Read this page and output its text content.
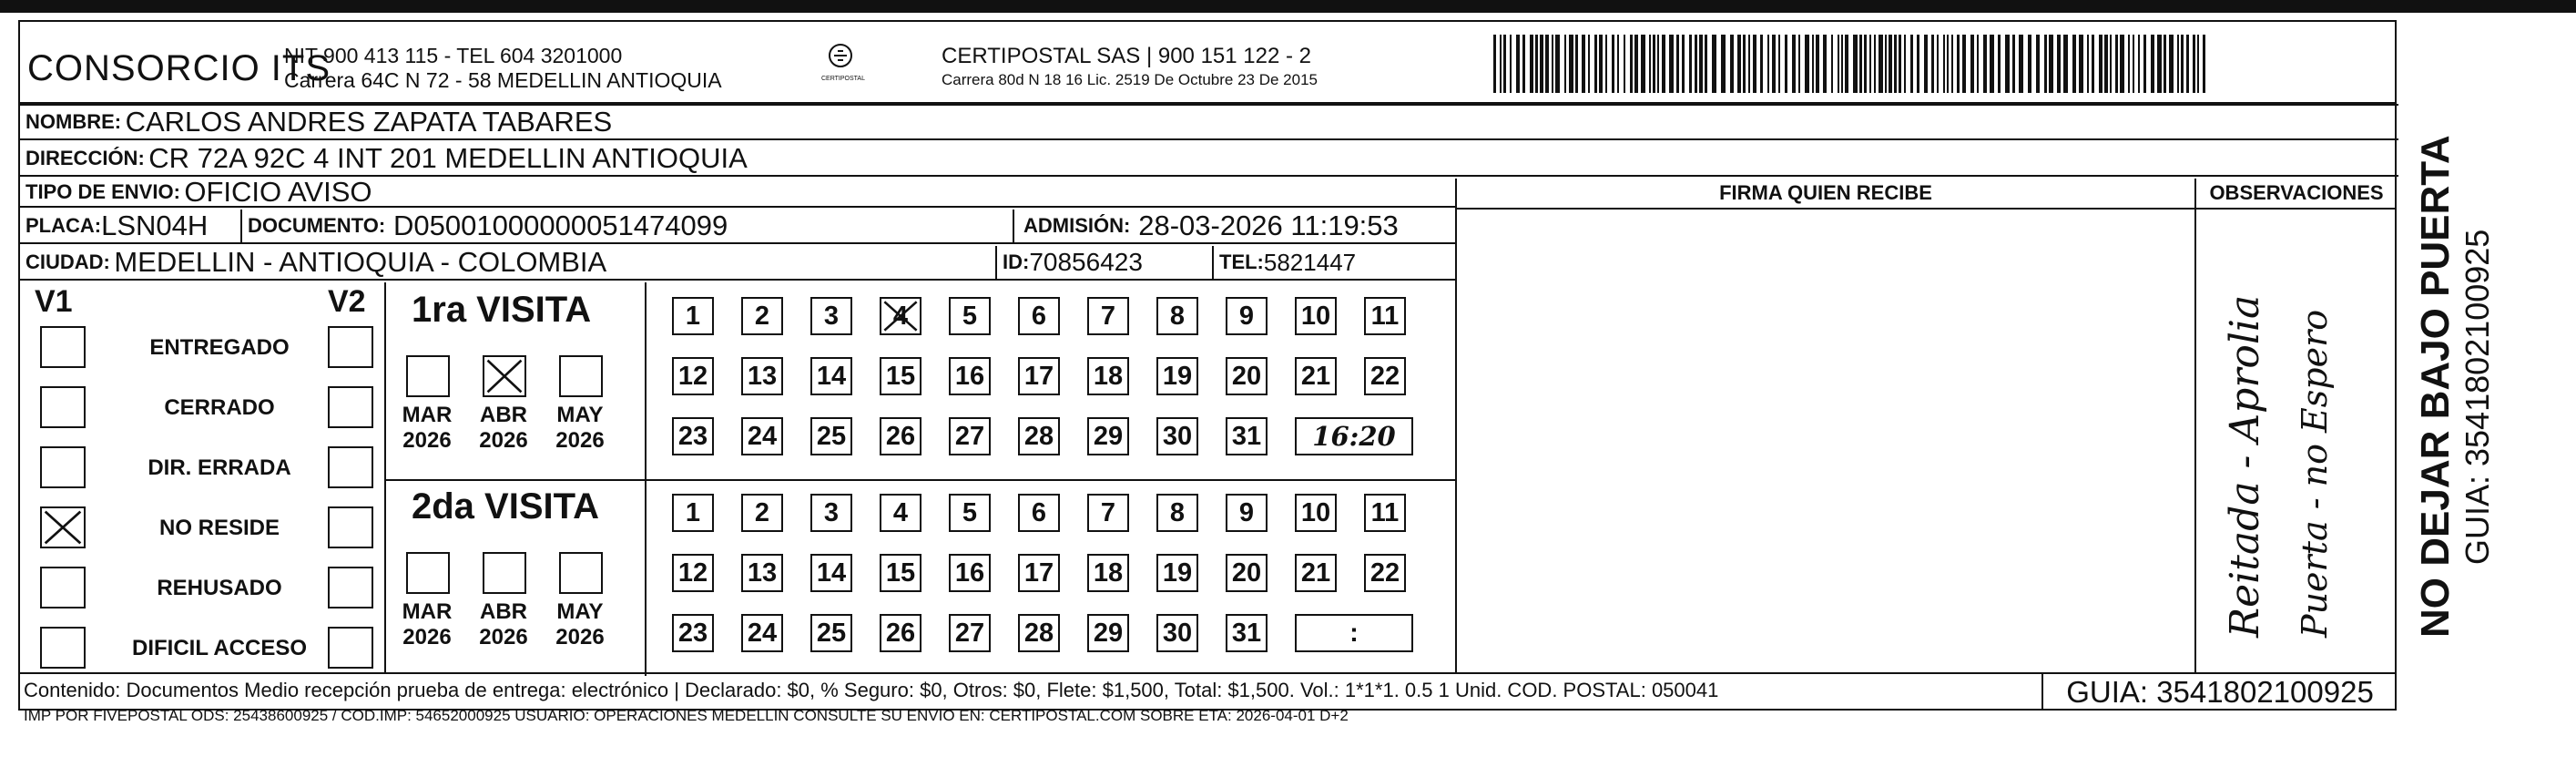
CONSORCIO ITS
NIT 900 413 115 - TEL 604 3201000
Carrera 64C N 72 - 58 MEDELLIN ANTIOQUIA	CERTIPOSTAL
CERTIPOSTAL SAS | 900 151 122 - 2
Carrera 80d N 18 16 Lic. 2519 De Octubre 23 De 2015
NOMBRE:
CARLOS ANDRES ZAPATA TABARES
DIRECCIÓN:
CR 72A 92C 4 INT 201 MEDELLIN ANTIOQUIA
TIPO DE ENVIO:
OFICIO AVISO
PLACA: LSN04H DOCUMENTO:
D05001000000051474099	ADMISIÓN:
28-03-2026 11:19:53
CIUDAD:
MEDELLIN - ANTIOQUIA - COLOMBIA	ID: 70856423	TEL: 5821447
FIRMA QUIEN RECIBE	OBSERVACIONES
Reitada - Aprolia Puerta - no Espero
V1	V2
ENTREGADO
CERRADO
DIR. ERRADA
NO RESIDE
REHUSADO
DIFICIL ACCESO
1ra VISITA
MAR
2026
ABR
2026
MAY
2026
1	2	3	4	5	6	7	8	9	10 11
12 13 14 15 16 17 18 19 20 21 22
23 24 25 26 27 28 29 30 31	16:20
2da VISITA
MAR
2026
ABR
2026
MAY
2026
1	2	3	4	5	6	7	8	9	10 11
12 13 14 15 16 17 18 19 20 21 22
23 24 25 26 27 28 29 30 31	:
Contenido: Documentos Medio recepción prueba de entrega: electrónico | Declarado: $0, % Seguro: $0, Otros: $0, Flete: $1,500, Total: $1,500. Vol.: 1*1*1. 0.5 1 Unid. COD. POSTAL: 050041
IMP POR FIVEPOSTAL ODS: 25438600925 / COD.IMP: 54652000925 USUARIO: OPERACIONES MEDELLIN CONSULTE SU ENVIO EN: CERTIPOSTAL.COM SOBRE ETA: 2026-04-01 D+2
GUIA: 3541802100925
NO DEJAR BAJO PUERTA GUIA: 3541802100925
